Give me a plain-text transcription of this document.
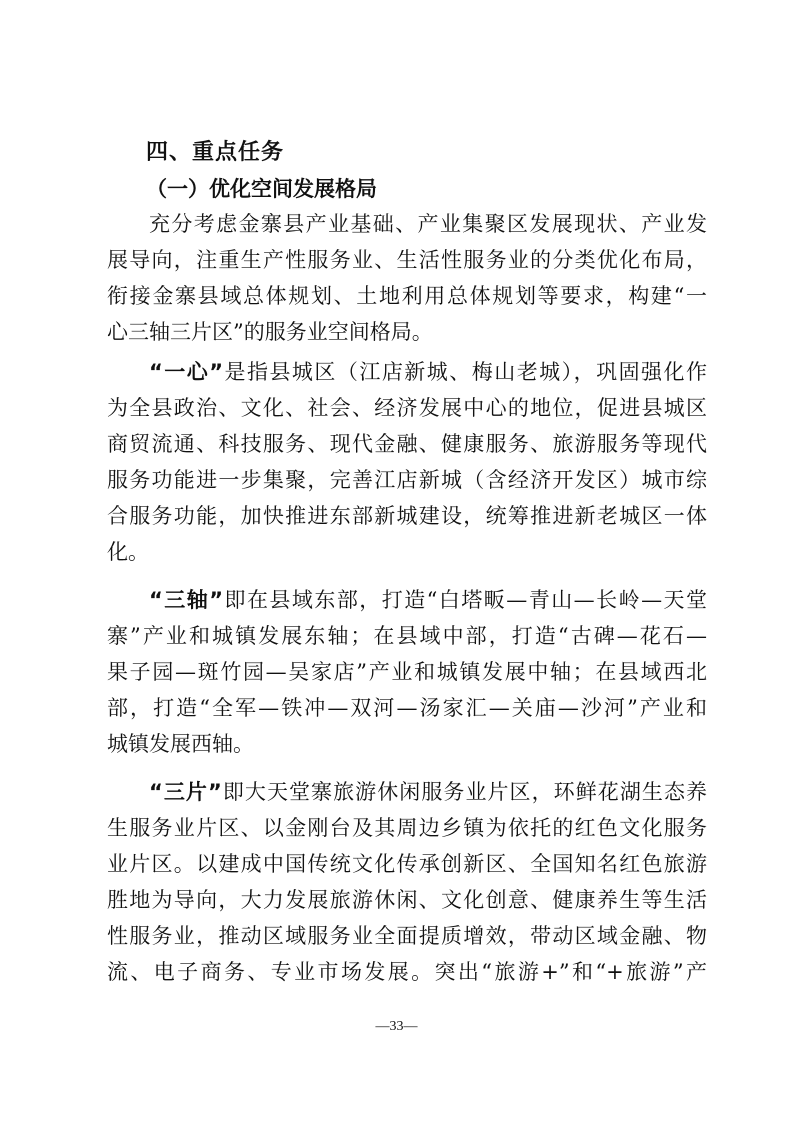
四、重点任务
（一）优化空间发展格局
充分考虑金寨县产业基础、产业集聚区发展现状、产业发
展导向，注重生产性服务业、生活性服务业的分类优化布局，
衔接金寨县域总体规划、土地利用总体规划等要求，构建“一
心三轴三片区”的服务业空间格局。
“一心”是指县城区（江店新城、梅山老城），巩固强化作
为全县政治、文化、社会、经济发展中心的地位，促进县城区
商贸流通、科技服务、现代金融、健康服务、旅游服务等现代
服务功能进一步集聚，完善江店新城（含经济开发区）城市综
合服务功能，加快推进东部新城建设，统筹推进新老城区一体
化。
“三轴”即在县域东部，打造“白塔畈—青山—长岭—天堂
寨”产业和城镇发展东轴；在县域中部，打造“古碑—花石—
果子园—斑竹园—吴家店”产业和城镇发展中轴；在县域西北
部，打造“全军—铁冲—双河—汤家汇—关庙—沙河”产业和
城镇发展西轴。
“三片”即大天堂寨旅游休闲服务业片区，环鲜花湖生态养
生服务业片区、以金刚台及其周边乡镇为依托的红色文化服务
业片区。以建成中国传统文化传承创新区、全国知名红色旅游
胜地为导向，大力发展旅游休闲、文化创意、健康养生等生活
性服务业，推动区域服务业全面提质增效，带动区域金融、物
流、电子商务、专业市场发展。突出“旅游+”和“+旅游”产
—33—
